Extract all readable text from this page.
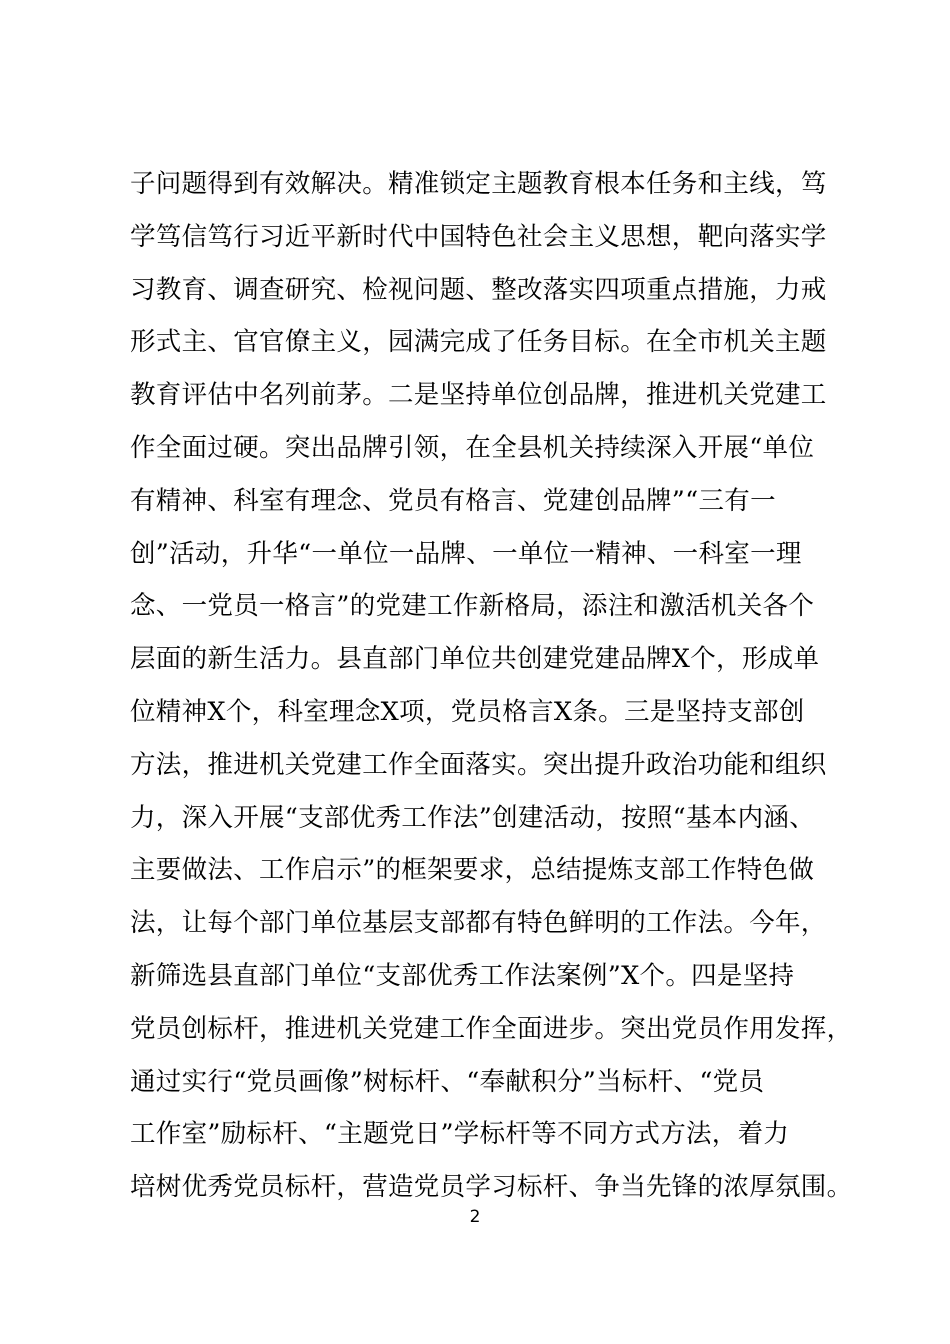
子问题得到有效解决。精准锁定主题教育根本任务和主线，笃
学笃信笃行习近平新时代中国特色社会主义思想，靶向落实学
习教育、调查研究、检视问题、整改落实四项重点措施，力戒
形式主、官官僚主义，园满完成了任务目标。在全市机关主题
教育评估中名列前茅。二是坚持单位创品牌，推进机关党建工
作全面过硬。突出品牌引领，在全县机关持续深入开展“单位
有精神、科室有理念、党员有格言、党建创品牌”“三有一
创”活动，升华“一单位一品牌、一单位一精神、一科室一理
念、一党员一格言”的党建工作新格局，添注和激活机关各个
层面的新生活力。县直部门单位共创建党建品牌X个，形成单
位精神X个，科室理念X项，党员格言X条。三是坚持支部创
方法，推进机关党建工作全面落实。突出提升政治功能和组织
力，深入开展“支部优秀工作法”创建活动，按照“基本内涵、
主要做法、工作启示”的框架要求，总结提炼支部工作特色做
法，让每个部门单位基层支部都有特色鲜明的工作法。今年，
新筛选县直部门单位“支部优秀工作法案例”X个。四是坚持
党员创标杆，推进机关党建工作全面进步。突出党员作用发挥，
通过实行“党员画像”树标杆、“奉献积分”当标杆、“党员
工作室”励标杆、“主题党日”学标杆等不同方式方法，着力
培树优秀党员标杆，营造党员学习标杆、争当先锋的浓厚氛围。
2
